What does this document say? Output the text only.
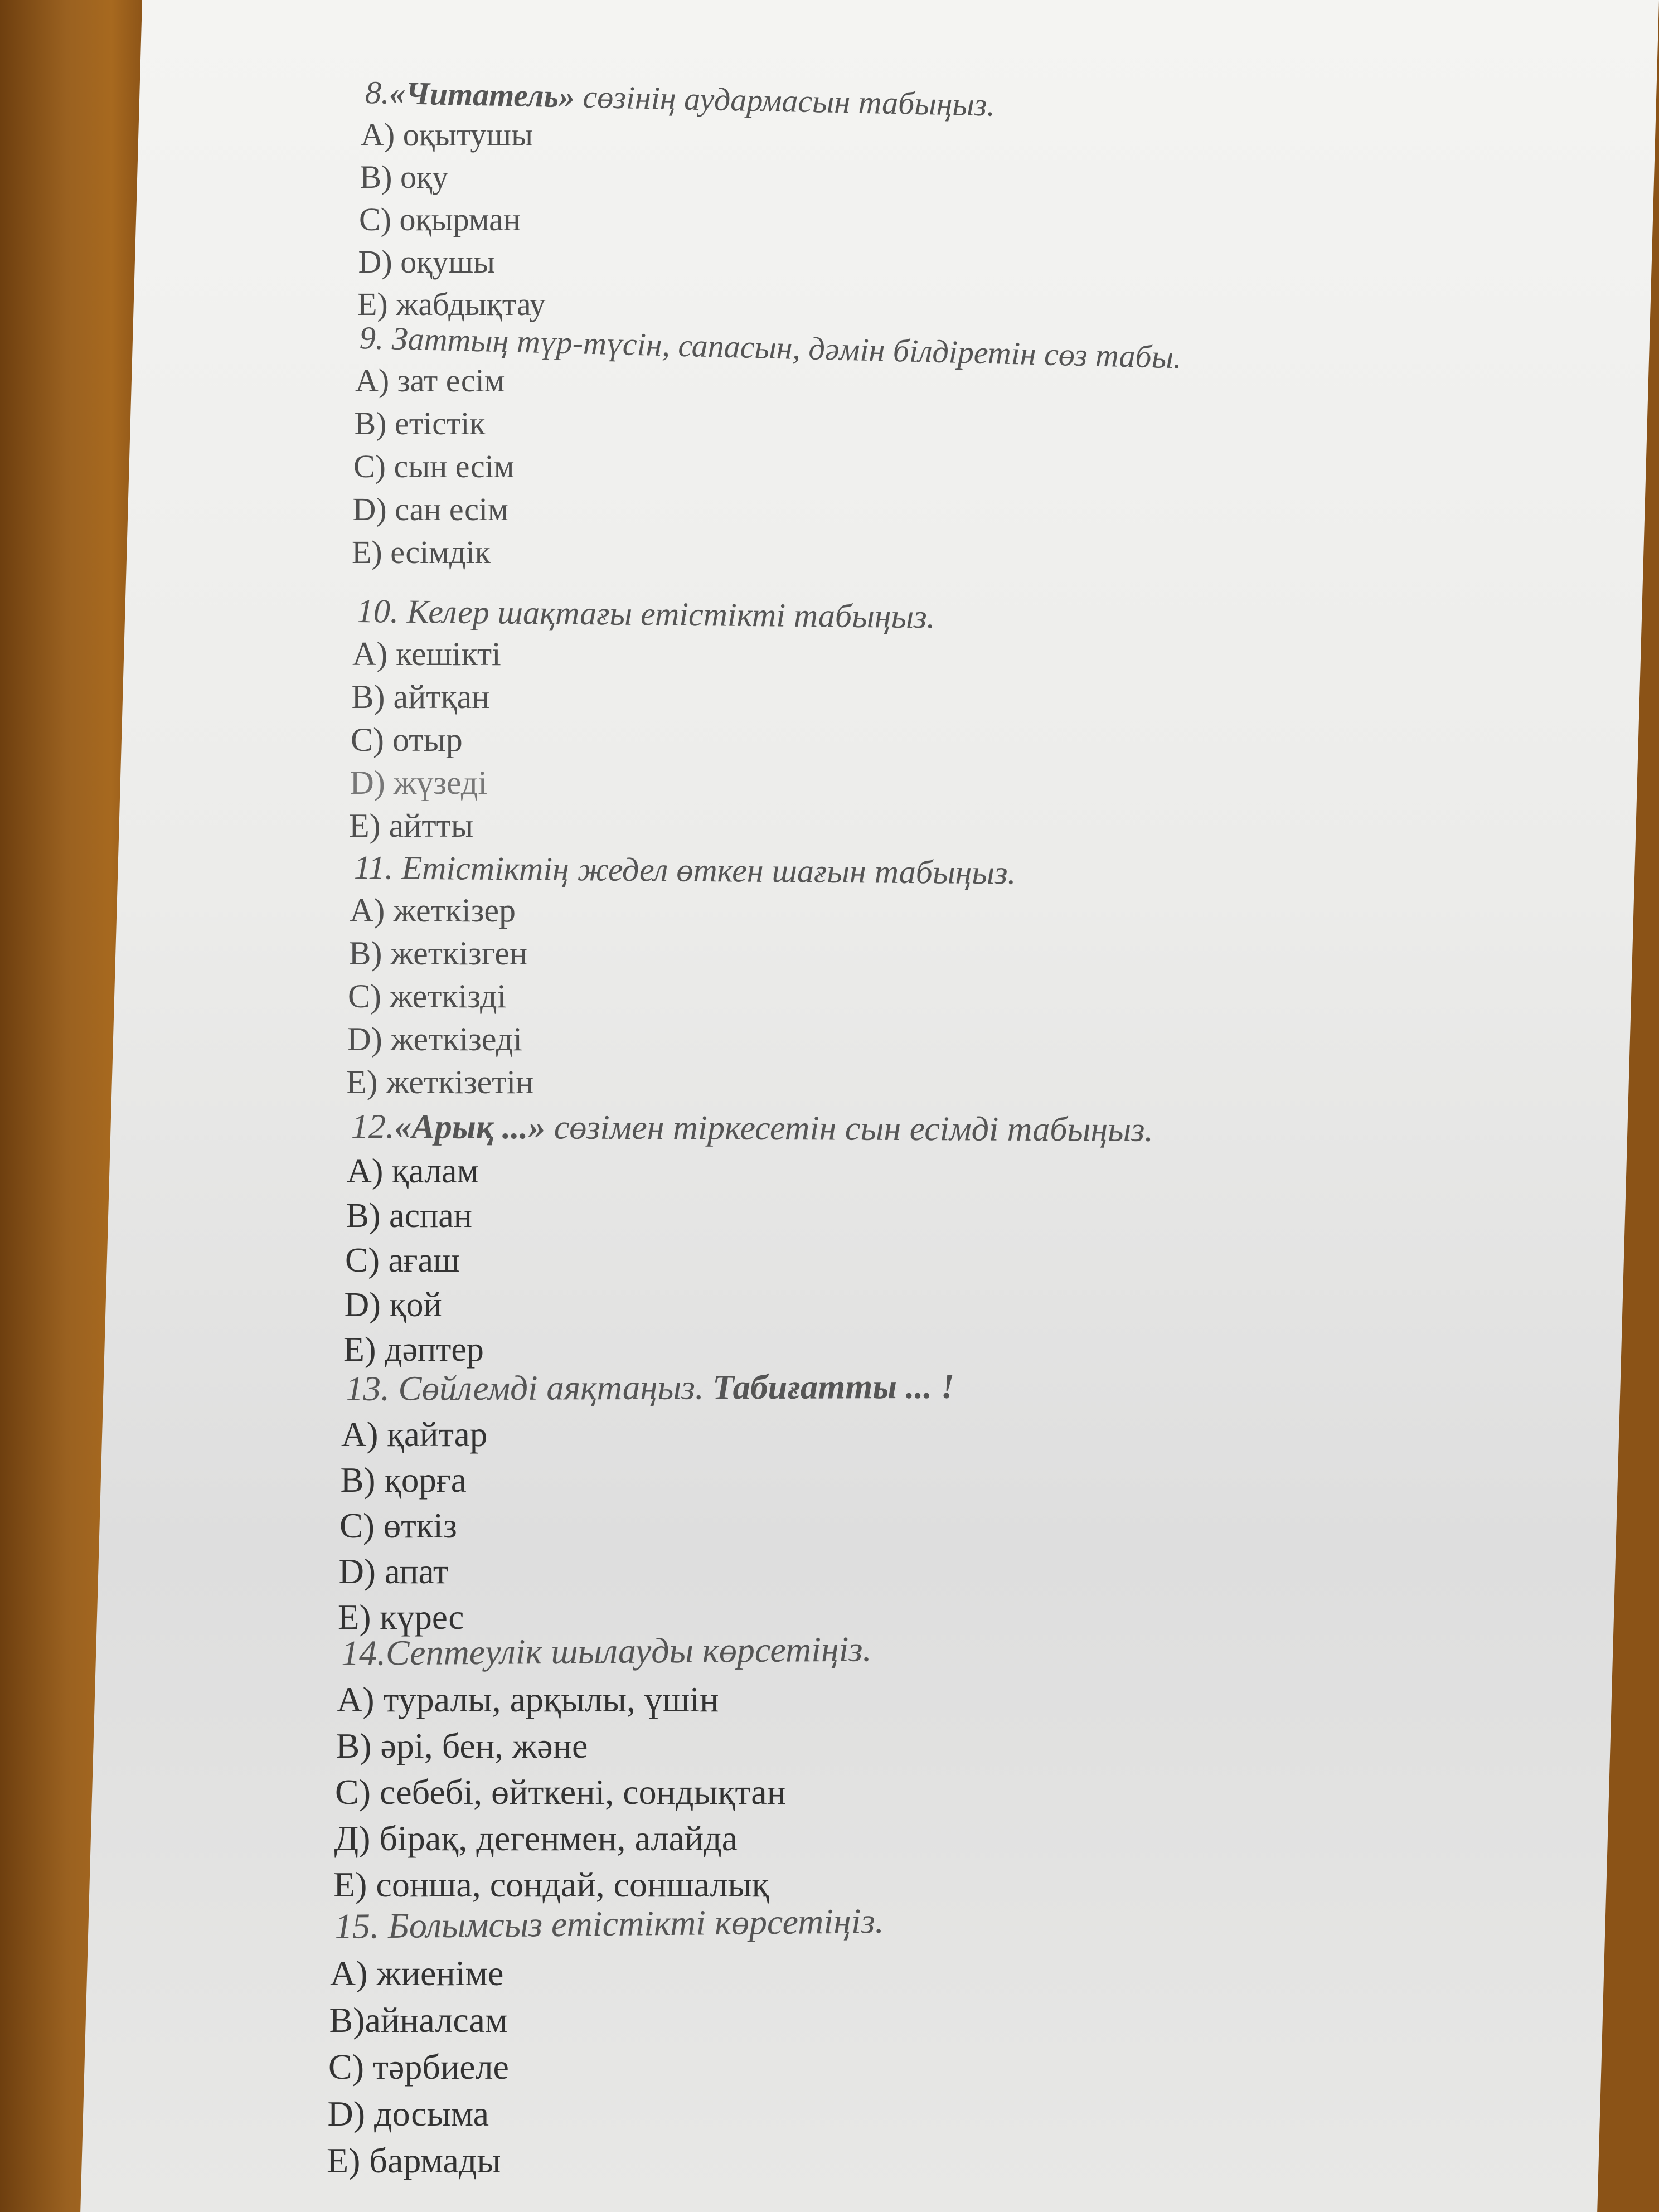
8.«Читатель» сөзінің аудармасын табыңыз.
A) оқытушы
B) оқу
C) оқырман
D) оқушы
E) жабдықтау
9. Заттың түр-түсін, сапасын, дәмін білдіретін сөз табы.
A) зат есім
B) етістік
C) сын есім
D) сан есім
E) есімдік
10. Келер шақтағы етістікті табыңыз.
A) кешікті
B) айтқан
C) отыр
D) жүзеді
E) айтты
11. Етістіктің жедел өткен шағын табыңыз.
A) жеткізер
B) жеткізген
C) жеткізді
D) жеткізеді
E) жеткізетін
12.«Арық ...» сөзімен тіркесетін сын есімді табыңыз.
A) қалам
B) аспан
C) ағаш
D) қой
E) дәптер
13. Сөйлемді аяқтаңыз. Табиғатты ... !
A) қайтар
B) қорға
C) өткіз
D) апат
E) күрес
14.Септеулік шылауды көрсетіңіз.
A) туралы, арқылы, үшін
B) әрі, бен, және
C) себебі, өйткені, сондықтан
Д) бірақ, дегенмен, алайда
E) сонша, сондай, соншалық
15. Болымсыз етістікті көрсетіңіз.
A) жиеніме
B)айналсам
C) тәрбиеле
D) досыма
E) бармады
